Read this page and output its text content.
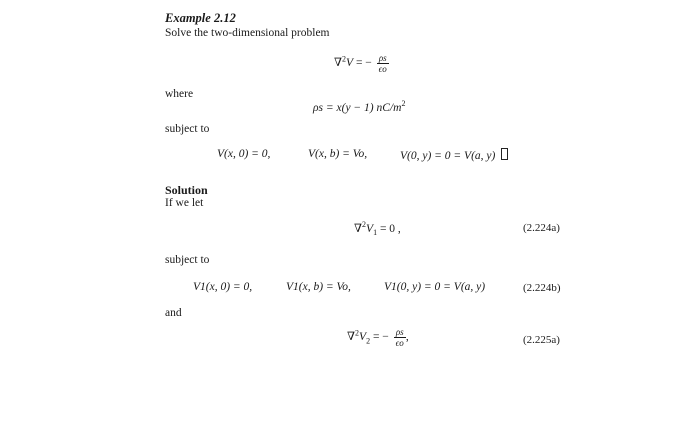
Example 2.12
Solve the two-dimensional problem
∇$^2$V = − $\frac{\rho s}{\epsilon o}$
where
ρs = x(y − 1) $nC/m^2$
subject to
V(x, 0) = 0,	V(x, b) = Vo,	V(0, y) = 0 = V(a, y)
Solution
If we let
$\nabla^2V_1 = 0$ ,	(2.224a)
subject to
V1(x, 0) = 0,	V1(x, b) = Vo,	V1(0, y) = 0 = V(a, y)	(2.224b)
and
$\nabla^2V_2$ = − $\frac{\rho s}{\epsilon o}$ ,	(2.225a)
